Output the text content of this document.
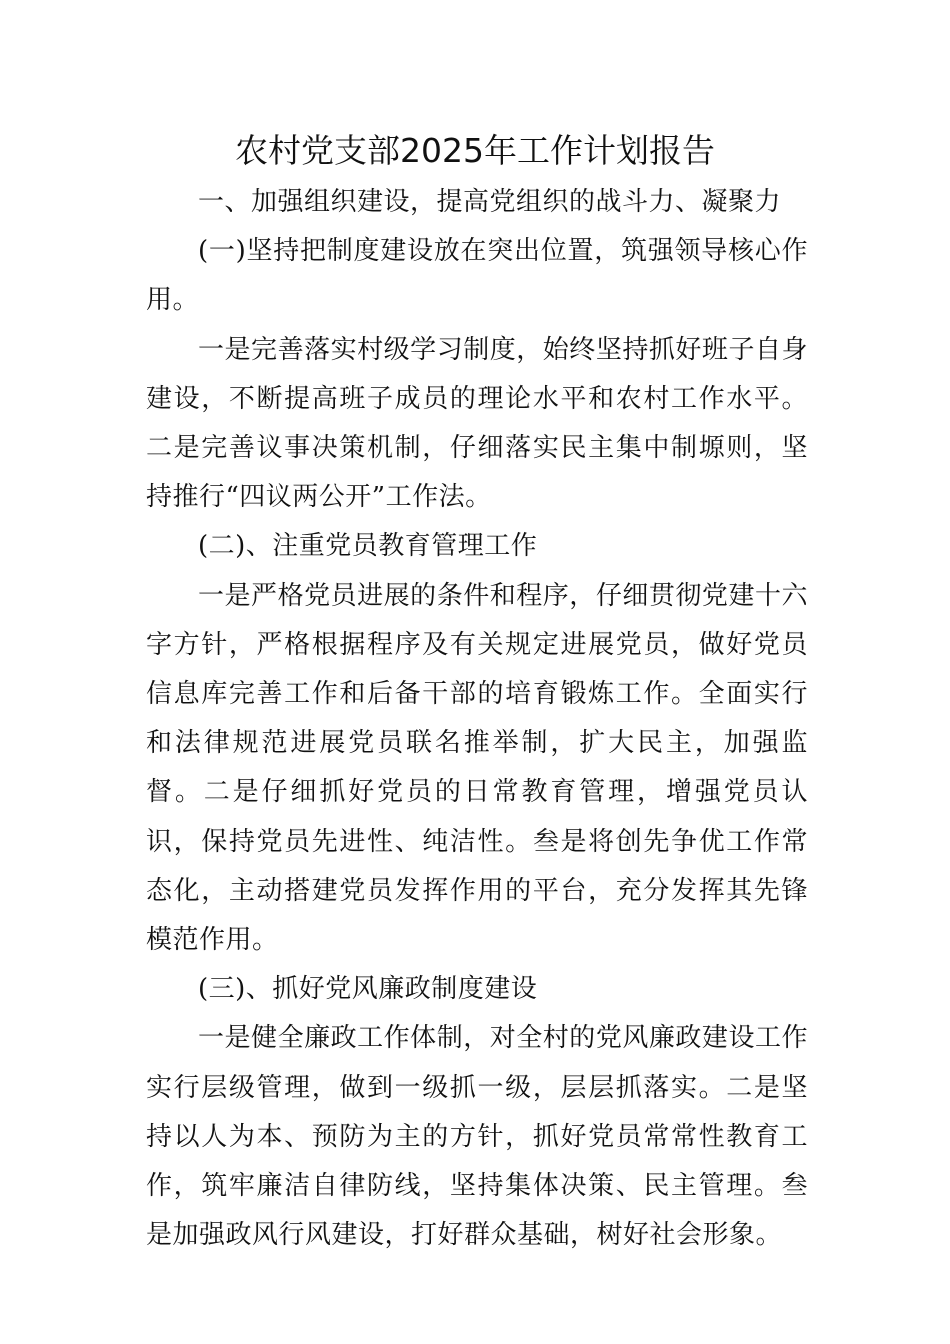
农村党支部2025年工作计划报告

一、加强组织建设，提高党组织的战斗力、凝聚力

(一)坚持把制度建设放在突出位置，筑强领导核心作用。

一是完善落实村级学习制度，始终坚持抓好班子自身建设，不断提高班子成员的理论水平和农村工作水平。二是完善议事决策机制，仔细落实民主集中制塬则，坚持推行“四议两公开”工作法。

(二)、注重党员教育管理工作

一是严格党员进展的条件和程序，仔细贯彻党建十六字方针，严格根据程序及有关规定进展党员，做好党员信息库完善工作和后备干部的培育锻炼工作。全面实行和法律规范进展党员联名推举制，扩大民主，加强监督。二是仔细抓好党员的日常教育管理，增强党员认识，保持党员先进性、纯洁性。叁是将创先争优工作常态化，主动搭建党员发挥作用的平台，充分发挥其先锋模范作用。

(三)、抓好党风廉政制度建设

一是健全廉政工作体制，对全村的党风廉政建设工作实行层级管理，做到一级抓一级，层层抓落实。二是坚持以人为本、预防为主的方针，抓好党员常常性教育工作，筑牢廉洁自律防线，坚持集体决策、民主管理。叁是加强政风行风建设，打好群众基础，树好社会形象。
